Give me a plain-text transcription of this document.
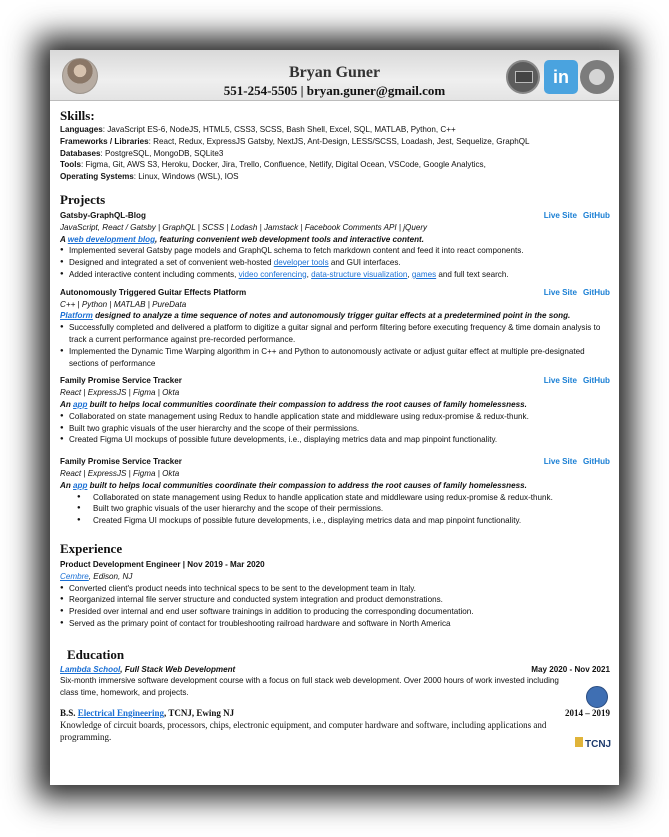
Bryan Guner
551-254-5505 | bryan.guner@gmail.com
in
Skills:
Languages: JavaScript ES-6, NodeJS, HTML5, CSS3, SCSS, Bash Shell, Excel, SQL, MATLAB, Python, C++
Frameworks / Libraries: React, Redux, ExpressJS Gatsby, NextJS, Ant-Design, LESS/SCSS, Loadash, Jest, Sequelize, GraphQL
Databases: PostgreSQL, MongoDB, SQLite3
Tools: Figma, Git, AWS S3, Heroku, Docker, Jira, Trello, Confluence, Netlify, Digital Ocean, VSCode, Google Analytics,
Operating Systems: Linux, Windows (WSL), IOS
Projects
Gatsby-GraphQL-Blog	Live Site GitHub
JavaScript, React / Gatsby | GraphQL | SCSS | Lodash | Jamstack | Facebook Comments API | jQuery
A web development blog, featuring convenient web development tools and interactive content.
● Implemented several Gatsby page models and GraphQL schema to fetch markdown content and feed it into react components.
● Designed and integrated a set of convenient web-hosted developer tools and GUI interfaces.
● Added interactive content including comments, video conferencing, data-structure visualization, games and full text search.
Autonomously Triggered Guitar Effects Platform	Live Site GitHub
C++ | Python | MATLAB | PureData
Platform designed to analyze a time sequence of notes and autonomously trigger guitar effects at a predetermined point in the song.
● Successfully completed and delivered a platform to digitize a guitar signal and perform filtering before executing frequency & time domain analysis to track a current performance against pre-recorded performance.
● Implemented the Dynamic Time Warping algorithm in C++ and Python to autonomously activate or adjust guitar effect at multiple pre-designated sections of performance
Family Promise Service Tracker	Live Site GitHub
React | ExpressJS | Figma | Okta
An app built to helps local communities coordinate their compassion to address the root causes of family homelessness.
● Collaborated on state management using Redux to handle application state and middleware using redux-promise & redux-thunk.
● Built two graphic visuals of the user hierarchy and the scope of their permissions.
● Created Figma UI mockups of possible future developments, i.e., displaying metrics data and map pinpoint functionality.
Family Promise Service Tracker	Live Site GitHub
React | ExpressJS | Figma | Okta
An app built to helps local communities coordinate their compassion to address the root causes of family homelessness.
● Collaborated on state management using Redux to handle application state and middleware using redux-promise & redux-thunk.
● Built two graphic visuals of the user hierarchy and the scope of their permissions.
● Created Figma UI mockups of possible future developments, i.e., displaying metrics data and map pinpoint functionality.
Experience
Product Development Engineer | Nov 2019 - Mar 2020
Cembre, Edison, NJ
● Converted client's product needs into technical specs to be sent to the development team in Italy.
● Reorganized internal file server structure and conducted system integration and product demonstrations.
● Presided over internal and end user software trainings in addition to producing the corresponding documentation.
● Served as the primary point of contact for troubleshooting railroad hardware and software in North America
Education
Lambda School, Full Stack Web Development	May 2020 - Nov 2021
Six-month immersive software development course with a focus on full stack web development. Over 2000 hours of work invested including class time, homework, and projects.
B.S. Electrical Engineering, TCNJ, Ewing NJ	2014 – 2019
Knowledge of circuit boards, processors, chips, electronic equipment, and computer hardware and software, including applications and programming.
TCNJ
